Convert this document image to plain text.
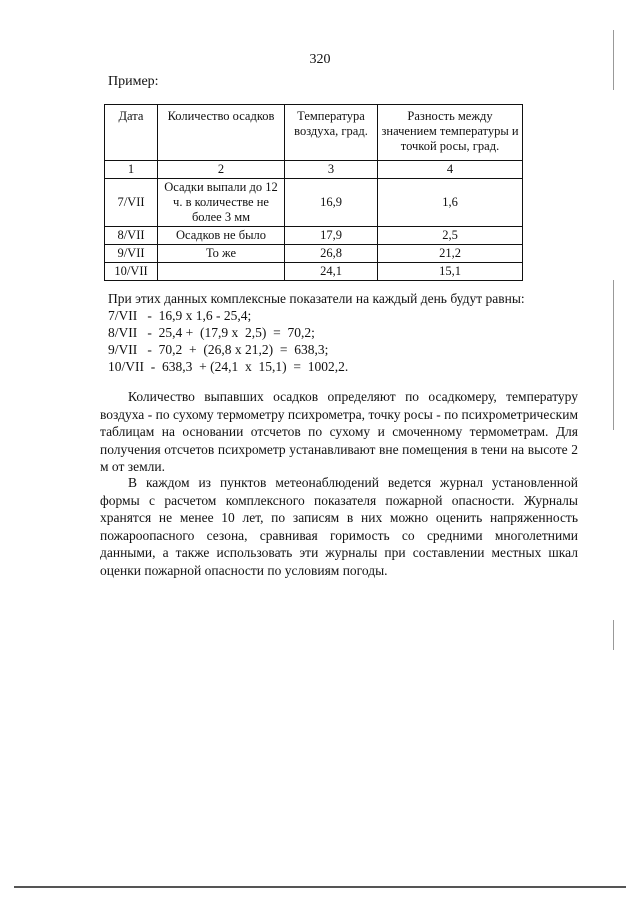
320
Пример:
Дата	Количество осадков	Температура воздуха, град.	Разность между значением температуры и точкой росы, град.
1	2	3	4
7/VII	Осадки выпали до 12 ч. в количестве не более 3 мм	16,9	1,6
8/VII	Осадков не было	17,9	2,5
9/VII	То же	26,8	21,2
10/VII		24,1	15,1
При этих данных комплексные показатели на каждый день будут равны:
7/VII   -  16,9 х 1,6 - 25,4;
8/VII   -  25,4 +  (17,9 х  2,5)  =  70,2;
9/VII   -  70,2  +  (26,8 х 21,2)  =  638,3;
10/VII  -  638,3  + (24,1  х  15,1)  =  1002,2.

Количество выпавших осадков определяют по осадкомеру, температуру воздуха - по сухому термометру психрометра, точку росы - по психрометрическим таблицам на основании отсчетов по сухому и смоченному термометрам. Для получения отсчетов психрометр устанавливают вне помещения в тени на высоте 2 м от земли.

В каждом из пунктов метеонаблюдений ведется журнал установленной формы с расчетом комплексного показателя пожарной опасности. Журналы хранятся не менее 10 лет, по записям в них можно оценить напряженность пожароопасного сезона, сравнивая горимость со средними многолетними данными, а также использовать эти журналы при составлении местных шкал оценки пожарной опасности по условиям погоды.
